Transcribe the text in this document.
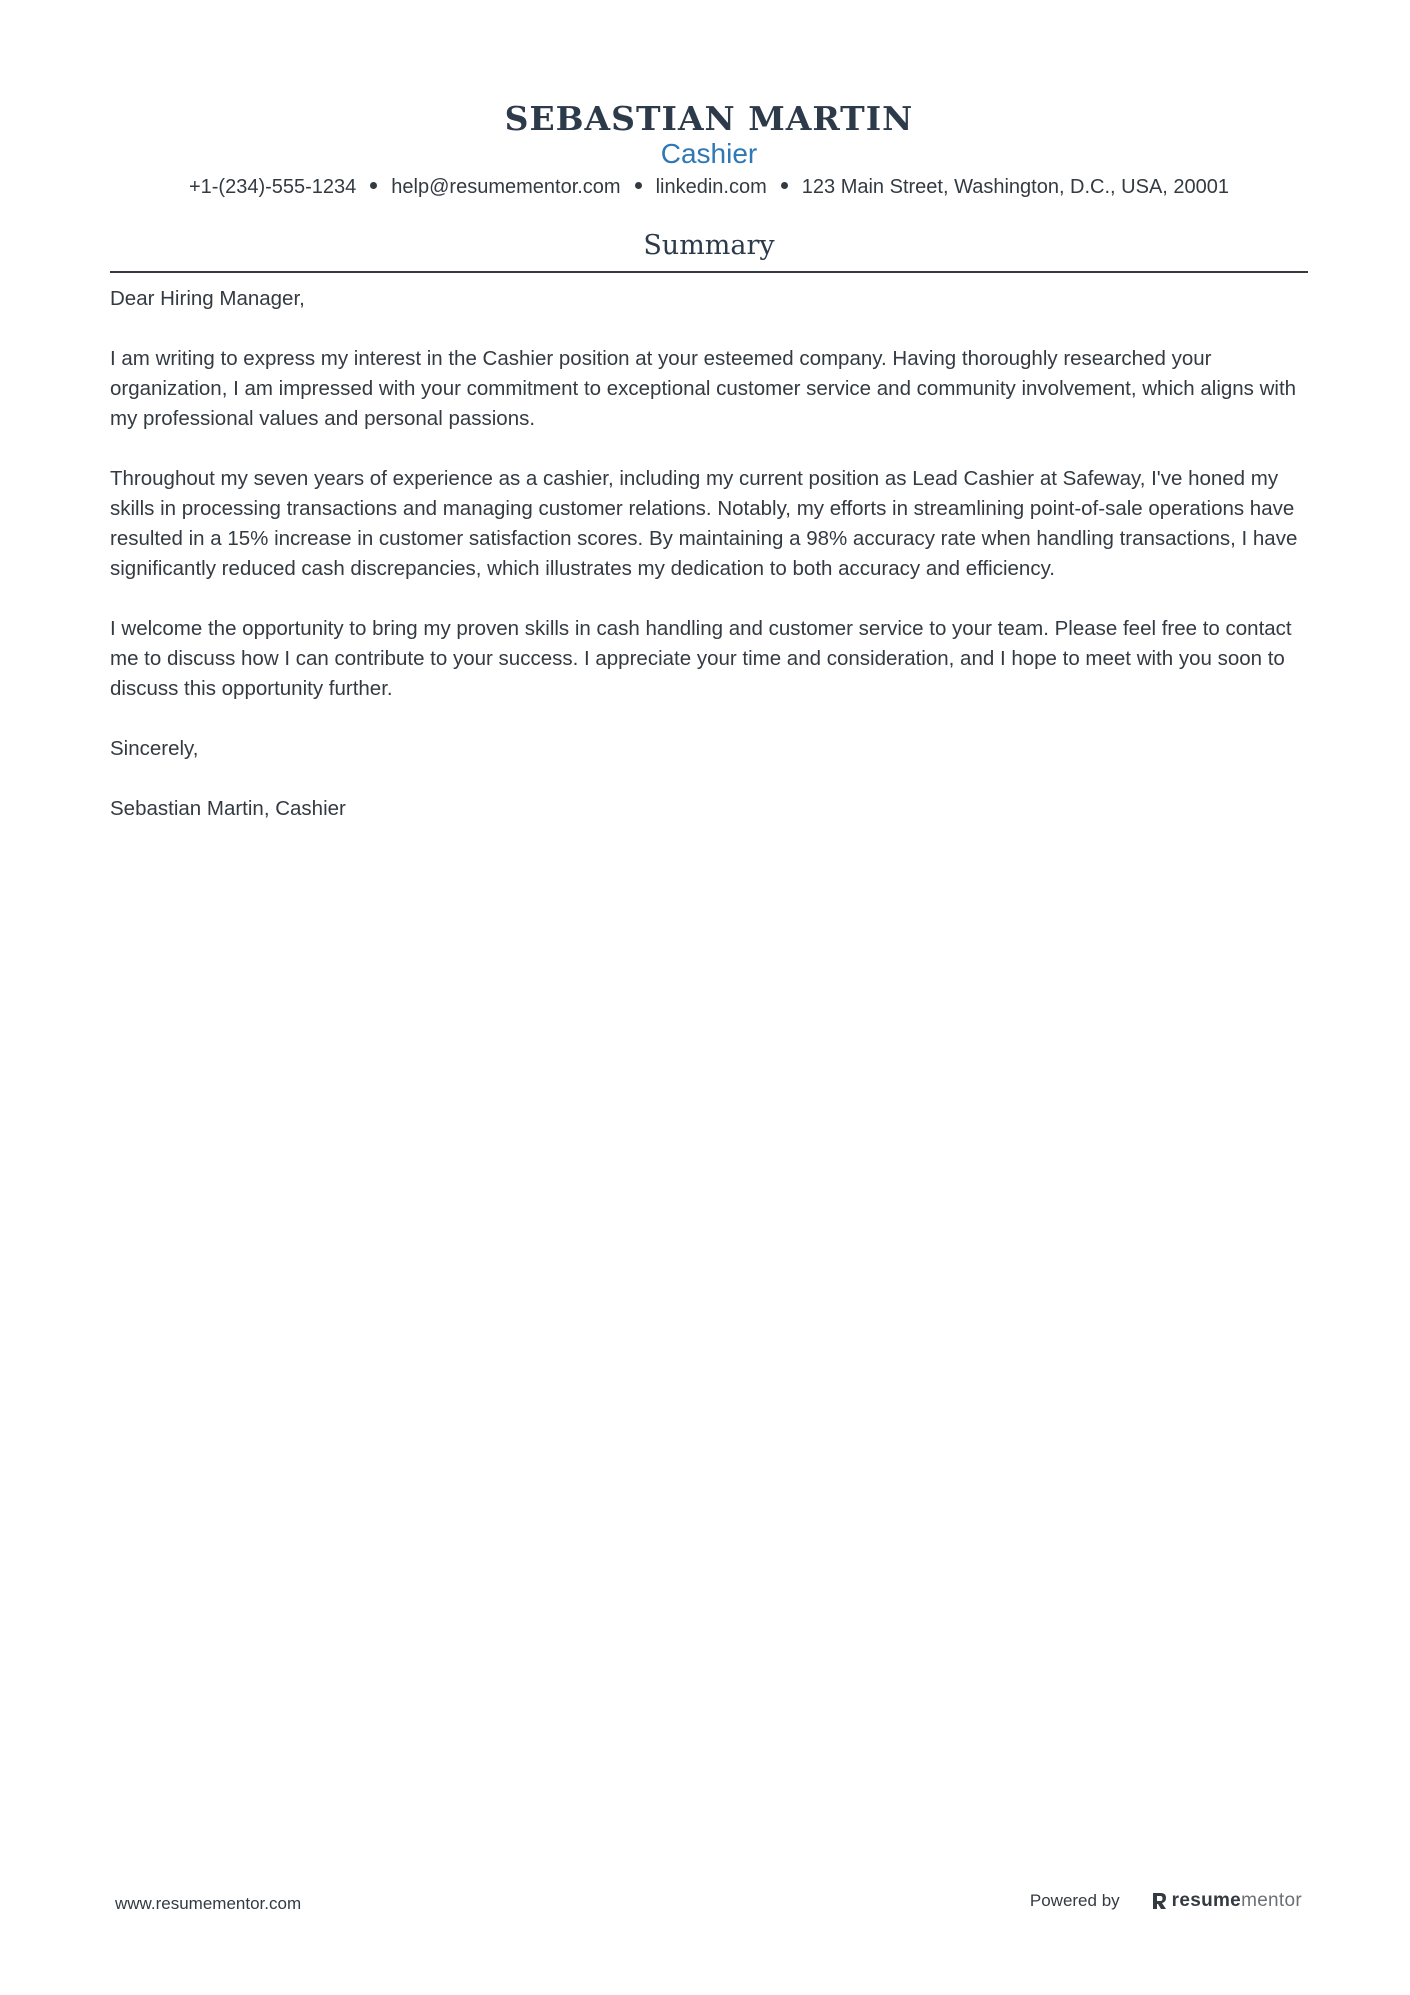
SEBASTIAN MARTIN
Cashier
+1-(234)-555-1234 help@resumementor.com linkedin.com 123 Main Street, Washington, D.C., USA, 20001
Summary

Dear Hiring Manager,

I am writing to express my interest in the Cashier position at your esteemed company. Having thoroughly researched your organization, I am impressed with your commitment to exceptional customer service and community involvement, which aligns with my professional values and personal passions.

Throughout my seven years of experience as a cashier, including my current position as Lead Cashier at Safeway, I've honed my skills in processing transactions and managing customer relations. Notably, my efforts in streamlining point-of-sale operations have resulted in a 15% increase in customer satisfaction scores. By maintaining a 98% accuracy rate when handling transactions, I have significantly reduced cash discrepancies, which illustrates my dedication to both accuracy and efficiency.

I welcome the opportunity to bring my proven skills in cash handling and customer service to your team. Please feel free to contact me to discuss how I can contribute to your success. I appreciate your time and consideration, and I hope to meet with you soon to discuss this opportunity further.

Sincerely,

Sebastian Martin, Cashier

www.resumementor.com	Powered by	resume mentor
